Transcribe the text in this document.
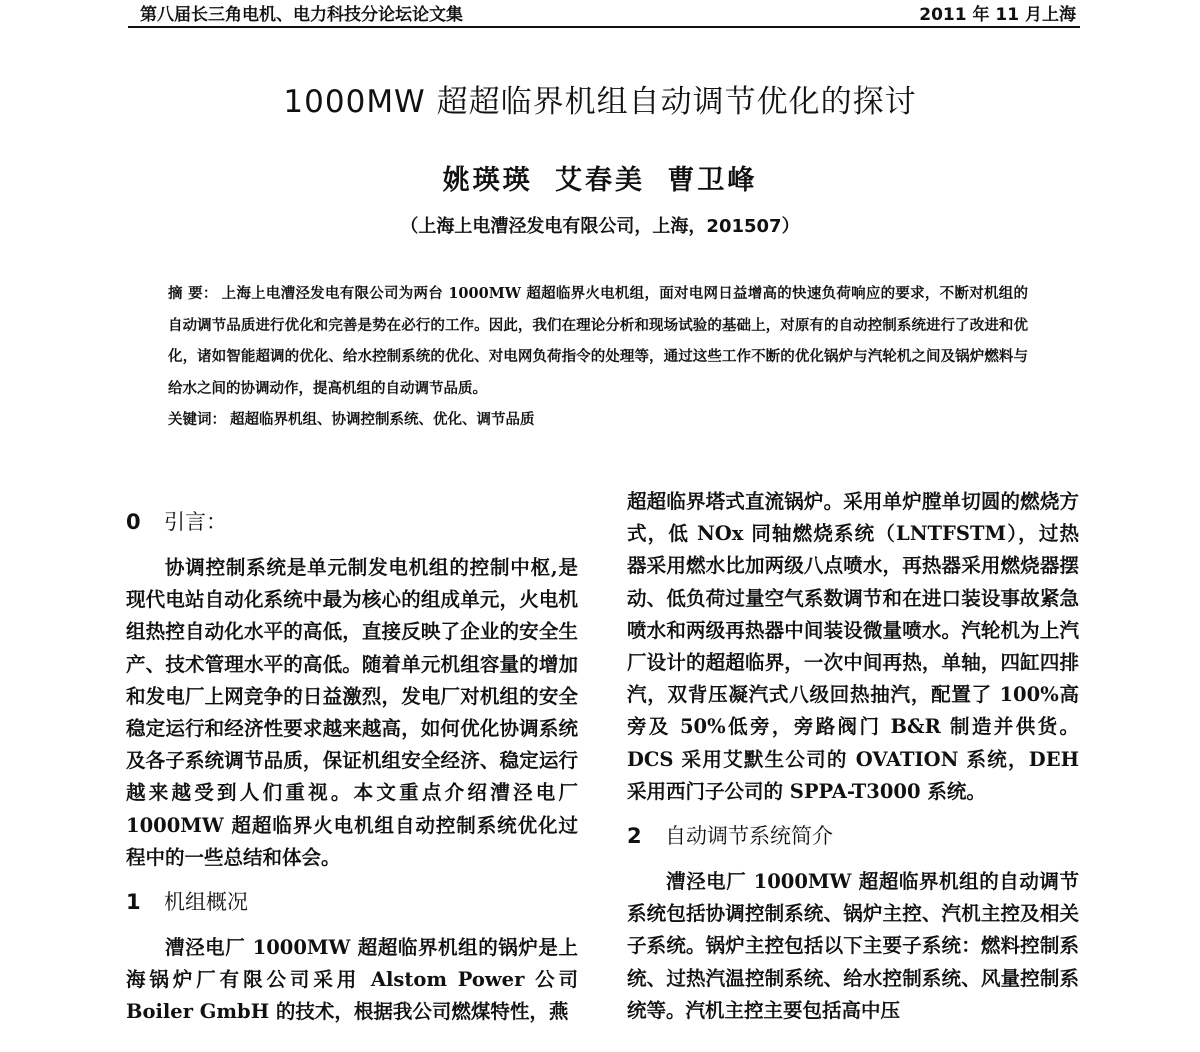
第八届长三角电机、电力科技分论坛论文集	2011 年 11 月上海
1000MW 超超临界机组自动调节优化的探讨
姚瑛瑛 艾春美 曹卫峰
（上海上电漕泾发电有限公司，上海，201507）
摘 要： 上海上电漕泾发电有限公司为两台 1000MW 超超临界火电机组，面对电网日益增高的快速负荷响应的要求，不断对机组的自动调节品质进行优化和完善是势在必行的工作。因此，我们在理论分析和现场试验的基础上，对原有的自动控制系统进行了改进和优化，诸如智能超调的优化、给水控制系统的优化、对电网负荷指令的处理等，通过这些工作不断的优化锅炉与汽轮机之间及锅炉燃料与给水之间的协调动作，提高机组的自动调节品质。
关键词： 超超临界机组、协调控制系统、优化、调节品质
0 引言：

协调控制系统是单元制发电机组的控制中枢,是现代电站自动化系统中最为核心的组成单元，火电机组热控自动化水平的高低，直接反映了企业的安全生产、技术管理水平的高低。随着单元机组容量的增加和发电厂上网竞争的日益激烈，发电厂对机组的安全稳定运行和经济性要求越来越高，如何优化协调系统及各子系统调节品质，保证机组安全经济、稳定运行越来越受到人们重视。本文重点介绍漕泾电厂 1000MW 超超临界火电机组自动控制系统优化过程中的一些总结和体会。

1 机组概况

漕泾电厂 1000MW 超超临界机组的锅炉是上海锅炉厂有限公司采用 Alstom Power 公司 Boiler GmbH 的技术，根据我公司燃煤特性，燕

超超临界塔式直流锅炉。采用单炉膛单切圆的燃烧方式，低 NOx 同轴燃烧系统（LNTFSTM），过热器采用燃水比加两级八点喷水，再热器采用燃烧器摆动、低负荷过量空气系数调节和在进口装设事故紧急喷水和两级再热器中间装设微量喷水。汽轮机为上汽厂设计的超超临界，一次中间再热，单轴，四缸四排汽，双背压凝汽式八级回热抽汽，配置了 100%高旁及 50%低旁，旁路阀门 B&R 制造并供货。DCS 采用艾默生公司的 OVATION 系统，DEH 采用西门子公司的 SPPA-T3000 系统。

2 自动调节系统简介

漕泾电厂 1000MW 超超临界机组的自动调节系统包括协调控制系统、锅炉主控、汽机主控及相关子系统。锅炉主控包括以下主要子系统：燃料控制系统、过热汽温控制系统、给水控制系统、风量控制系统等。汽机主控主要包括高中压
